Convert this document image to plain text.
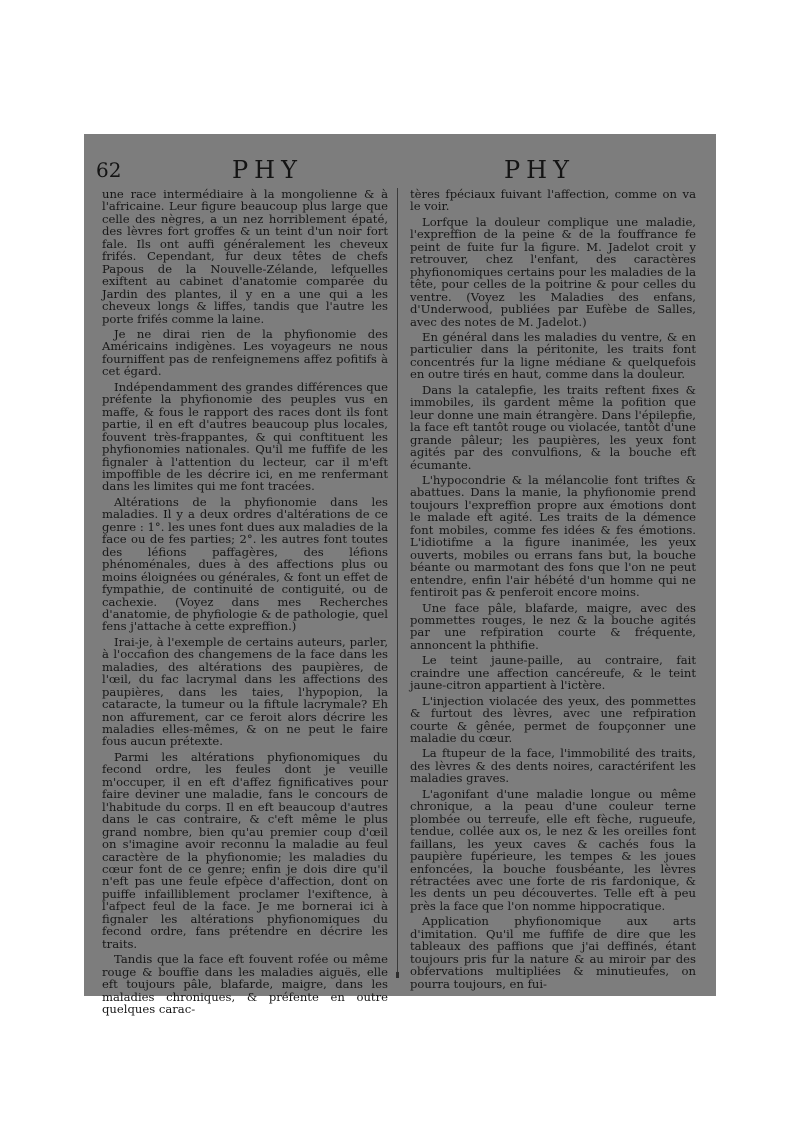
62	PHY	PHY

une race intermédiaire à la mongolienne & à l'africaine. Leur figure beaucoup plus large que celle des nègres, a un nez horriblement épaté, des lèvres fort groffes & un teint d'un noir fort fale. Ils ont auffi généralement les cheveux frifés. Cependant, fur deux têtes de chefs Papous de la Nouvelle-Zélande, lefquelles exiftent au cabinet d'anatomie comparée du Jardin des plantes, il y en a une qui a les cheveux longs & liffes, tandis que l'autre les porte frifés comme la laine.

Je ne dirai rien de la phyfionomie des Américains indigènes. Les voyageurs ne nous fourniffent pas de renfeignemens affez pofitifs à cet égard.

Indépendamment des grandes différences que préfente la phyfionomie des peuples vus en maffe, & fous le rapport des races dont ils font partie, il en eft d'autres beaucoup plus locales, fouvent très-frappantes, & qui conftituent les phyfionomies nationales. Qu'il me fuffife de les fignaler à l'attention du lecteur, car il m'eft impoffible de les décrire ici, en me renfermant dans les limites qui me font tracées.

Altérations de la phyfionomie dans les maladies. Il y a deux ordres d'altérations de ce genre : 1°. les unes font dues aux maladies de la face ou de fes parties; 2°. les autres font toutes des léfions paffagères, des léfions phénoménales, dues à des affections plus ou moins éloignées ou générales, & font un effet de fympathie, de continuité de contiguité, ou de cachexie. (Voyez dans mes Recherches d'anatomie, de phyfiologie & de pathologie, quel fens j'attache à cette expreffion.)

Irai-je, à l'exemple de certains auteurs, parler, à l'occafion des changemens de la face dans les maladies, des altérations des paupières, de l'œil, du fac lacrymal dans les affections des paupières, dans les taies, l'hypopion, la cataracte, la tumeur ou la fiftule lacrymale? Eh non affurement, car ce feroit alors décrire les maladies elles-mêmes, & on ne peut le faire fous aucun prétexte.

Parmi les altérations phyfionomiques du fecond ordre, les feules dont je veuille m'occuper, il en eft d'affez fignificatives pour faire deviner une maladie, fans le concours de l'habitude du corps. Il en eft beaucoup d'autres dans le cas contraire, & c'eft même le plus grand nombre, bien qu'au premier coup d'œil on s'imagine avoir reconnu la maladie au feul caractère de la phyfionomie; les maladies du cœur font de ce genre; enfin je dois dire qu'il n'eft pas une feule efpèce d'affection, dont on puiffe infailliblement proclamer l'exiftence, à l'afpect feul de la face. Je me bornerai ici à fignaler les altérations phyfionomiques du fecond ordre, fans prétendre en décrire les traits.

Tandis que la face eft fouvent rofée ou même rouge & bouffie dans les maladies aiguës, elle eft toujours pâle, blafarde, maigre, dans les maladies chroniques, & préfente en outre quelques carac-

tères fpéciaux fuivant l'affection, comme on va le voir.

Lorfque la douleur complique une maladie, l'expreffion de la peine & de la fouffrance fe peint de fuite fur la figure. M. Jadelot croit y retrouver, chez l'enfant, des caractères phyfionomiques certains pour les maladies de la tête, pour celles de la poitrine & pour celles du ventre. (Voyez les Maladies des enfans, d'Underwood, publiées par Eufèbe de Salles, avec des notes de M. Jadelot.)

En général dans les maladies du ventre, & en particulier dans la péritonite, les traits font concentrés fur la ligne médiane & quelquefois en outre tirés en haut, comme dans la douleur.

Dans la catalepfie, les traits reftent fixes & immobiles, ils gardent même la pofition que leur donne une main étrangère. Dans l'épilepfie, la face eft tantôt rouge ou violacée, tantôt d'une grande pâleur; les paupières, les yeux font agités par des convulfions, & la bouche eft écumante.

L'hypocondrie & la mélancolie font triftes & abattues. Dans la manie, la phyfionomie prend toujours l'expreffion propre aux émotions dont le malade eft agité. Les traits de la démence font mobiles, comme fes idées & fes émotions. L'idiotifme a la figure inanimée, les yeux ouverts, mobiles ou errans fans but, la bouche béante ou marmotant des fons que l'on ne peut entendre, enfin l'air hébété d'un homme qui ne fentiroit pas & penferoit encore moins.

Une face pâle, blafarde, maigre, avec des pommettes rouges, le nez & la bouche agités par une refpiration courte & fréquente, annoncent la phthifie.

Le teint jaune-paille, au contraire, fait craindre une affection cancéreufe, & le teint jaune-citron appartient à l'ictère.

L'injection violacée des yeux, des pommettes & furtout des lèvres, avec une refpiration courte & gênée, permet de foupçonner une maladie du cœur.

La ftupeur de la face, l'immobilité des traits, des lèvres & des dents noires, caractérifent les maladies graves.

L'agonifant d'une maladie longue ou même chronique, a la peau d'une couleur terne plombée ou terreufe, elle eft fèche, rugueufe, tendue, collée aux os, le nez & les oreilles font faillans, les yeux caves & cachés fous la paupière fupérieure, les tempes & les joues enfoncées, la bouche fousbéante, les lèvres rétractées avec une forte de ris fardonique, & les dents un peu découvertes. Telle eft à peu près la face que l'on nomme hippocratique.

Application phyfionomique aux arts d'imitation. Qu'il me fuffife de dire que les tableaux des paffions que j'ai deffinés, étant toujours pris fur la nature & au miroir par des obfervations multipliées & minutieufes, on pourra toujours, en fui-
